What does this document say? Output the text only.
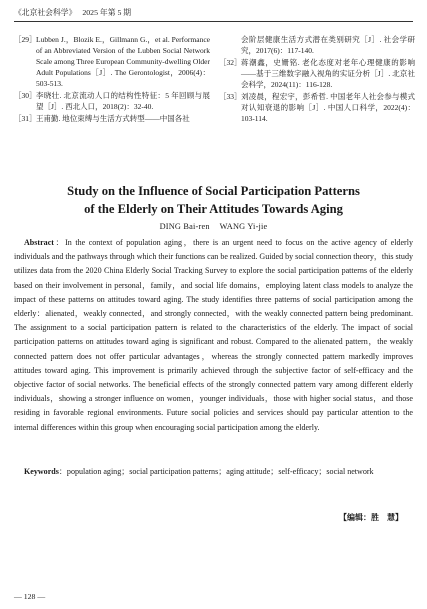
《北京社会科学》 2025 年第 5 期
［29］ Lubben J.，Blozik E.，Gillmann G.，et al. Performance of an Abbreviated Version of the Lubben Social Network Scale among Three European Community-dwelling Older Adult Populations［J］. The Gerontologist，2006(4)：503-513.
［30］ 李晓壮. 北京流动人口的结构性特征：5 年回顾与展望［J］. 西北人口，2018(2)：32-40.
［31］ 王甫勤. 地位束缚与生活方式转型——中国各社
会阶层健康生活方式潜在类别研究［J］. 社会学研究，2017(6)：117-140.
［32］ 蒋潮鑫，史姗铭. 老化态度对老年心理健康的影响——基于三维数字融入视角的实证分析［J］. 北京社会科学，2024(11)：116-128.
［33］ 刘凌晨，程宏宇，彭希哲. 中国老年人社会参与模式对认知衰退的影响［J］. 中国人口科学，2022(4)：103-114.
Study on the Influence of Social Participation Patterns
of the Elderly on Their Attitudes Towards Aging
DING Bai-ren WANG Yi-jie
Abstract：In the context of population aging，there is an urgent need to focus on the active agency of elderly individuals and the pathways through which their functions can be realized. Guided by social connection theory，this study utilizes data from the 2020 China Elderly Social Tracking Survey to explore the social participation patterns of the elderly based on their involvement in personal，family，and social life domains，employing latent class models to analyze the impact of these patterns on attitudes toward aging. The study identifies three patterns of social participation among the elderly：alienated，weakly connected，and strongly connected，with the weakly connected pattern being predominant. The assignment to a social participation pattern is related to the characteristics of the elderly. The impact of social participation patterns on attitudes toward aging is significant and robust. Compared to the alienated pattern，the weakly connected pattern does not offer particular advantages，whereas the strongly connected pattern markedly improves attitudes toward aging. This improvement is primarily achieved through the subjective factor of self-efficacy and the objective factor of social networks. The beneficial effects of the strongly connected pattern vary among different elderly individuals，showing a stronger influence on women，younger individuals，those with higher social status，and those residing in favorable regional environments. Future social policies and services should pay particular attention to the internal differences within this group when encouraging social participation among the elderly.
Keywords：population aging；social participation patterns；aging attitude；self-efficacy；social network
【编辑：胜 慧】
— 128 —
